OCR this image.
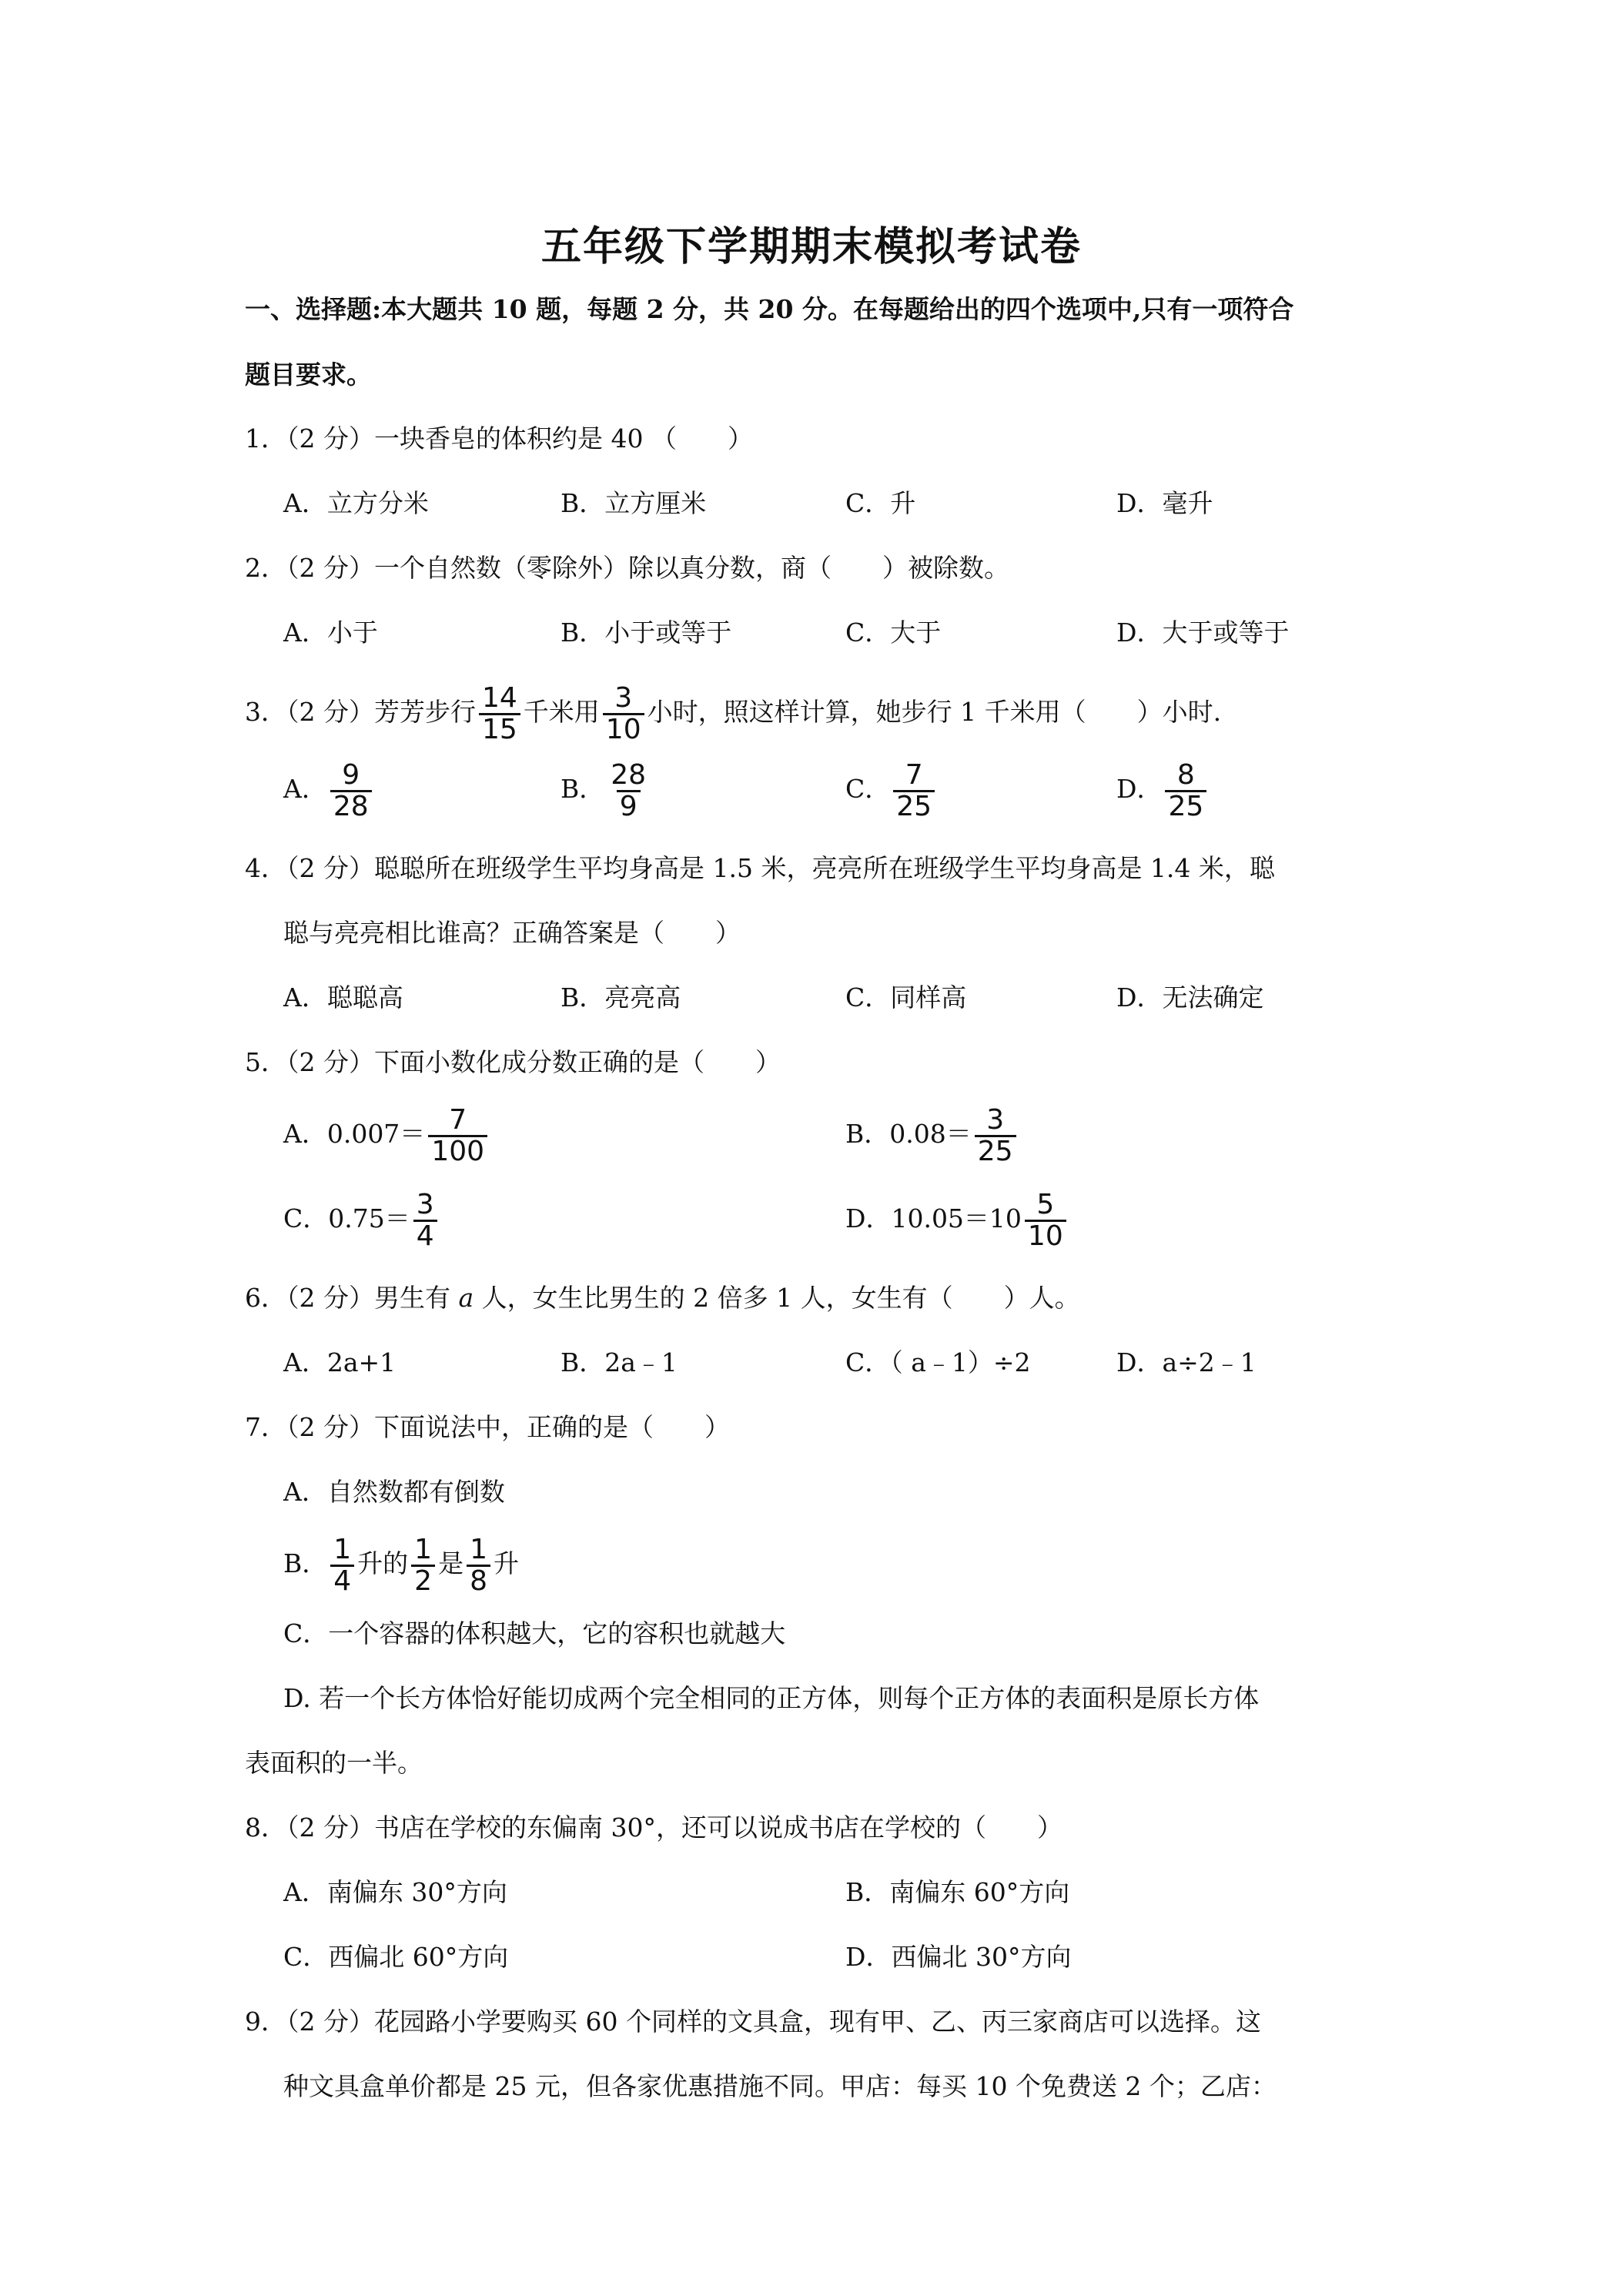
五年级下学期期末模拟考试卷
一、选择题:本大题共 10 题，每题 2 分，共 20 分。在每题给出的四个选项中,只有一项符合
题目要求。
1．（2 分）一块香皂的体积约是 40 （　　）
A．立方分米	B．立方厘米	C．升	D．毫升
2．（2 分）一个自然数（零除外）除以真分数，商（　　）被除数。
A．小于	B．小于或等于	C．大于	D．大于或等于
3．（2 分）芳芳步行 $\frac{14}{15}$ 千米用 $\frac{3}{10}$ 小时，照这样计算，她步行 1 千米用（　　）小时.
A． $\frac{9}{28}$	B． $\frac{28}{9}$	C． $\frac{7}{25}$	D． $\frac{8}{25}$
4．（2 分）聪聪所在班级学生平均身高是 1.5 米，亮亮所在班级学生平均身高是 1.4 米，聪
聪与亮亮相比谁高？正确答案是（　　）
A．聪聪高	B．亮亮高	C．同样高	D．无法确定
5．（2 分）下面小数化成分数正确的是（　　）
A．$0.007= \frac{7}{100}$	B．$0.08= \frac{3}{25}$
C．$0.75= \frac{3}{4}$	D．$10.05=10 \frac{5}{10}$
6．（2 分）男生有 a 人，女生比男生的 2 倍多 1 人，女生有（　　）人。
A．2a+1	B．2a﹣1	C．（ a﹣1）÷2	D．a÷2﹣1
7．（2 分）下面说法中，正确的是（　　）
A．自然数都有倒数
B． $\frac{1}{4}$ 升的 $\frac{1}{2}$ 是 $\frac{1}{8}$ 升
C．一个容器的体积越大，它的容积也就越大
D. 若一个长方体恰好能切成两个完全相同的正方体，则每个正方体的表面积是原长方体
表面积的一半。
8．（2 分）书店在学校的东偏南 30°，还可以说成书店在学校的（　　）
A．南偏东 30°方向	B．南偏东 60°方向
C．西偏北 60°方向	D．西偏北 30°方向
9．（2 分）花园路小学要购买 60 个同样的文具盒，现有甲、乙、丙三家商店可以选择。这
种文具盒单价都是 25 元，但各家优惠措施不同。甲店：每买 10 个免费送 2 个；乙店：
